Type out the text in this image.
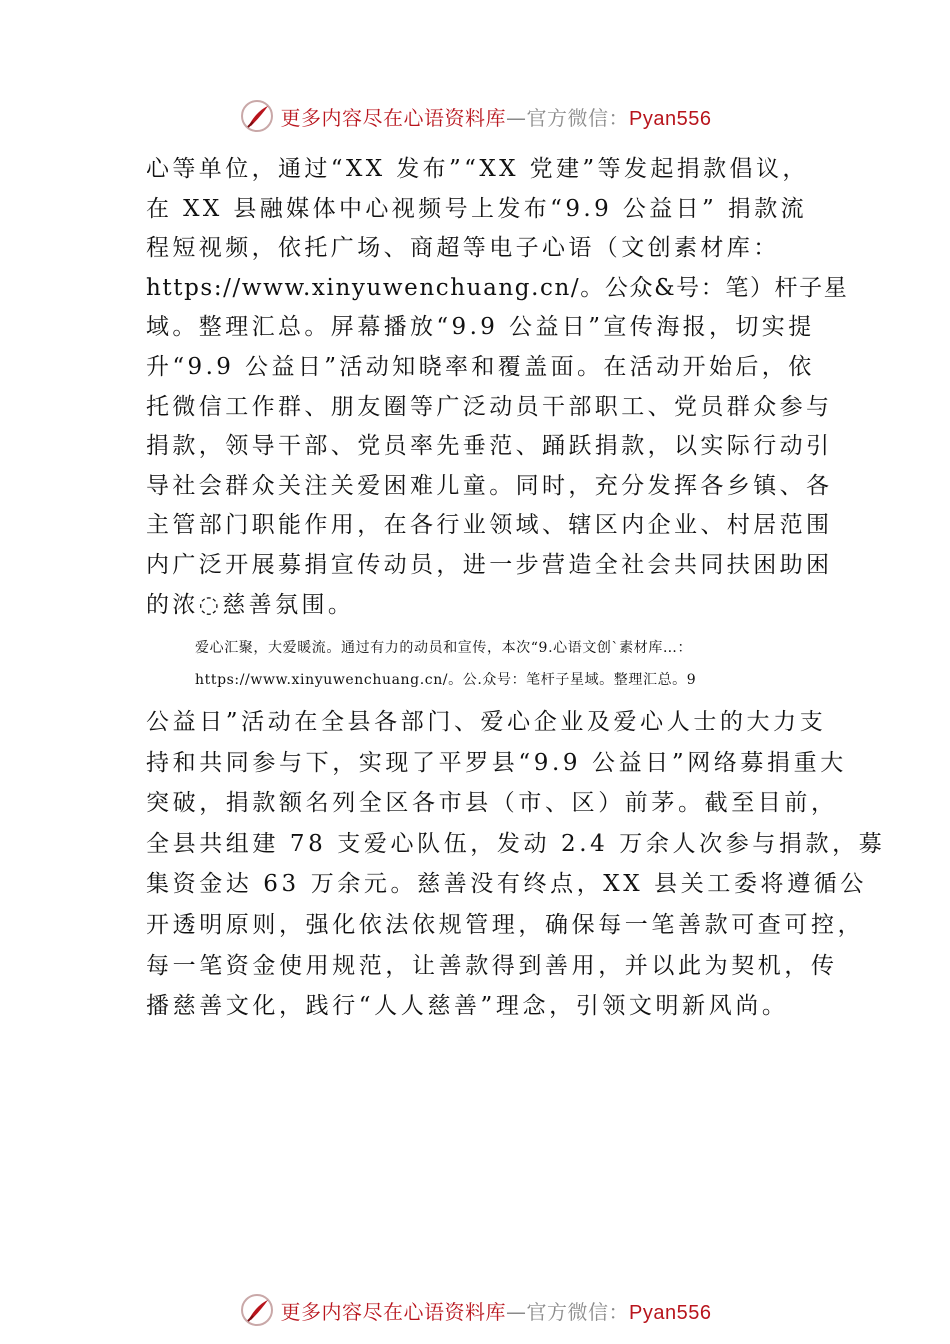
更多内容尽在心语资料库—官方微信：Pyan556
心等单位，通过“XX 发布”“XX 党建”等发起捐款倡议，
在 XX 县融媒体中心视频号上发布“9.9 公益日” 捐款流
程短视频，依托广场、商超等电子心语（文创素材库：
https://www.xinyuwenchuang.cn/。公众&号：笔）杆子星
域。整理汇总。屏幕播放“9.9 公益日”宣传海报，切实提
升“9.9 公益日”活动知晓率和覆盖面。在活动开始后，依
托微信工作群、朋友圈等广泛动员干部职工、党员群众参与
捐款，领导干部、党员率先垂范、踊跃捐款，以实际行动引
导社会群众关注关爱困难儿童。同时，充分发挥各乡镇、各
主管部门职能作用，在各行业领域、辖区内企业、村居范围
内广泛开展募捐宣传动员，进一步营造全社会共同扶困助困
的浓◌慈善氛围。
爱心汇聚，大爱暖流。通过有力的动员和宣传，本次“9.心语文创`素材库…：
https://www.xinyuwenchuang.cn/。公.众号：笔杆子星域。整理汇总。9
公益日”活动在全县各部门、爱心企业及爱心人士的大力支
持和共同参与下，实现了平罗县“9.9 公益日”网络募捐重大
突破，捐款额名列全区各市县（市、区）前茅。截至目前，
全县共组建 78 支爱心队伍，发动 2.4 万余人次参与捐款，募
集资金达 63 万余元。慈善没有终点，XX 县关工委将遵循公
开透明原则，强化依法依规管理，确保每一笔善款可查可控，
每一笔资金使用规范，让善款得到善用，并以此为契机，传
播慈善文化，践行“人人慈善”理念，引领文明新风尚。
更多内容尽在心语资料库—官方微信：Pyan556
